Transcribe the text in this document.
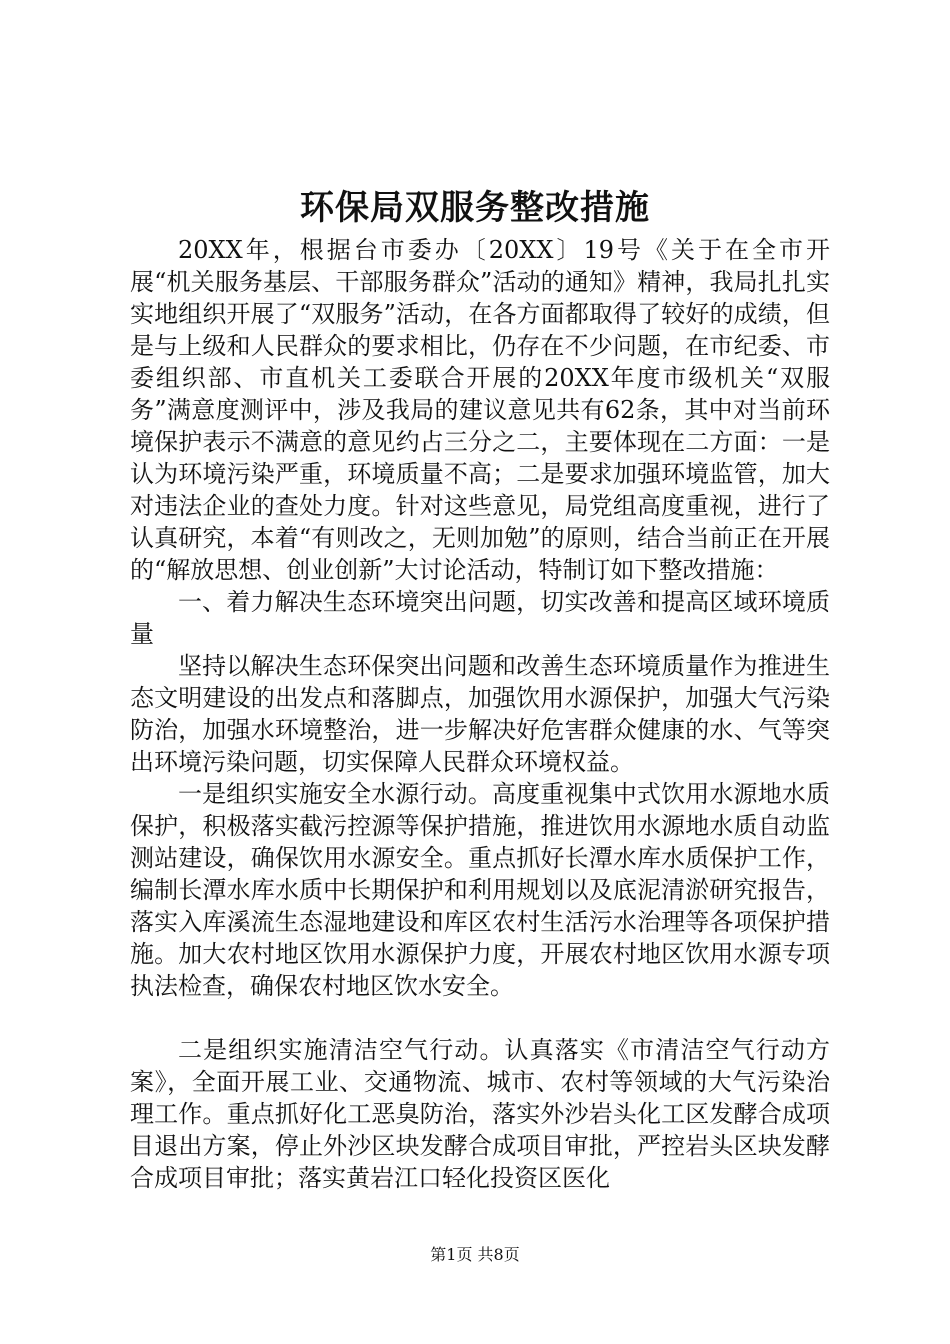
环保局双服务整改措施

20XX年，根据台市委办〔20XX〕19号《关于在全市开展“机关服务基层、干部服务群众”活动的通知》精神，我局扎扎实实地组织开展了“双服务”活动，在各方面都取得了较好的成绩，但是与上级和人民群众的要求相比，仍存在不少问题，在市纪委、市委组织部、市直机关工委联合开展的20XX年度市级机关“双服务”满意度测评中，涉及我局的建议意见共有62条，其中对当前环境保护表示不满意的意见约占三分之二，主要体现在二方面：一是认为环境污染严重，环境质量不高；二是要求加强环境监管，加大对违法企业的查处力度。针对这些意见，局党组高度重视，进行了认真研究，本着“有则改之，无则加勉”的原则，结合当前正在开展的“解放思想、创业创新”大讨论活动，特制订如下整改措施：

一、着力解决生态环境突出问题，切实改善和提高区域环境质量

坚持以解决生态环保突出问题和改善生态环境质量作为推进生态文明建设的出发点和落脚点，加强饮用水源保护，加强大气污染防治，加强水环境整治，进一步解决好危害群众健康的水、气等突出环境污染问题，切实保障人民群众环境权益。

一是组织实施安全水源行动。高度重视集中式饮用水源地水质保护，积极落实截污控源等保护措施，推进饮用水源地水质自动监测站建设，确保饮用水源安全。重点抓好长潭水库水质保护工作，编制长潭水库水质中长期保护和利用规划以及底泥清淤研究报告，落实入库溪流生态湿地建设和库区农村生活污水治理等各项保护措施。加大农村地区饮用水源保护力度，开展农村地区饮用水源专项执法检查，确保农村地区饮水安全。

二是组织实施清洁空气行动。认真落实《市清洁空气行动方案》，全面开展工业、交通物流、城市、农村等领域的大气污染治理工作。重点抓好化工恶臭防治，落实外沙岩头化工区发酵合成项目退出方案，停止外沙区块发酵合成项目审批，严控岩头区块发酵合成项目审批；落实黄岩江口轻化投资区医化

第1页 共8页
